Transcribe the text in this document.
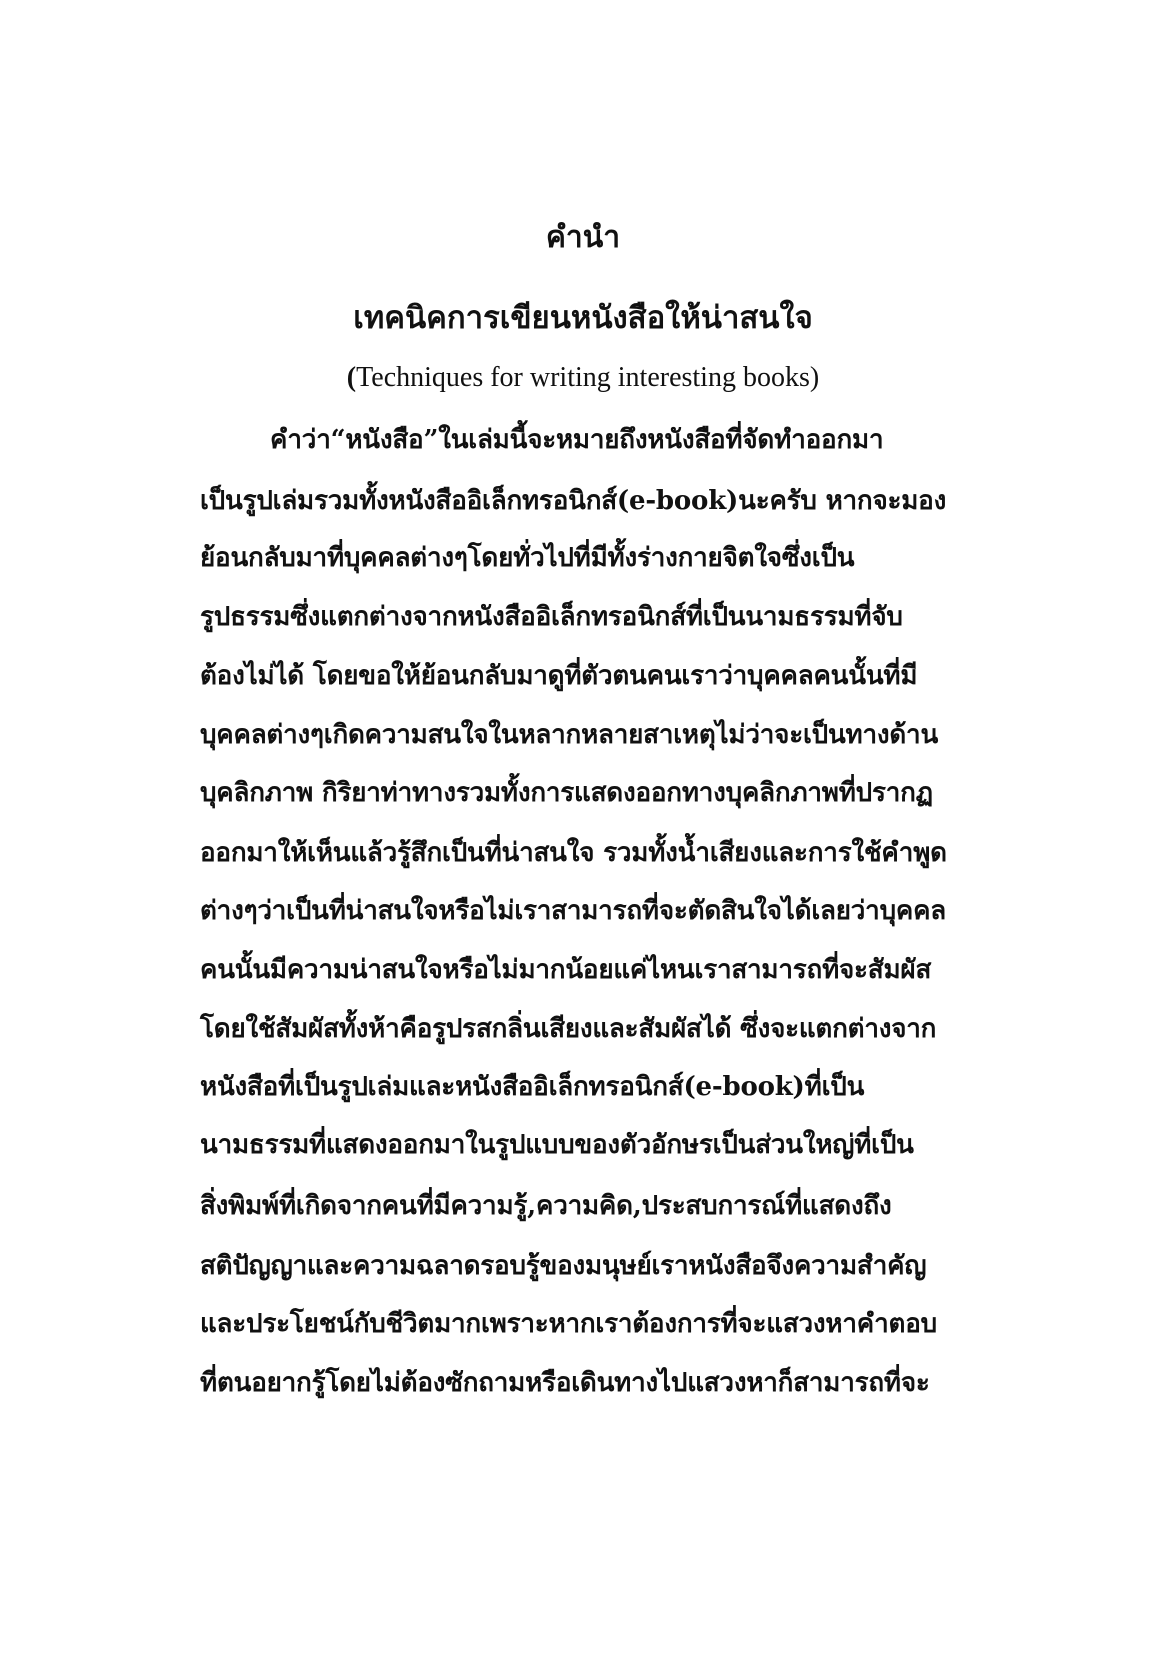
คำนำ
เทคนิคการเขียนหนังสือให้น่าสนใจ
(Techniques for writing interesting books)
คำว่า“หนังสือ”ในเล่มนี้จะหมายถึงหนังสือที่จัดทำออกมา
เป็นรูปเล่มรวมทั้งหนังสืออิเล็กทรอนิกส์(e-book)นะครับ หากจะมอง
ย้อนกลับมาที่บุคคลต่างๆโดยทั่วไปที่มีทั้งร่างกายจิตใจซึ่งเป็น
รูปธรรมซึ่งแตกต่างจากหนังสืออิเล็กทรอนิกส์ที่เป็นนามธรรมที่จับ
ต้องไม่ได้ โดยขอให้ย้อนกลับมาดูที่ตัวตนคนเราว่าบุคคลคนนั้นที่มี
บุคคลต่างๆเกิดความสนใจในหลากหลายสาเหตุไม่ว่าจะเป็นทางด้าน
บุคลิกภาพ กิริยาท่าทางรวมทั้งการแสดงออกทางบุคลิกภาพที่ปรากฏ
ออกมาให้เห็นแล้วรู้สึกเป็นที่น่าสนใจ รวมทั้งน้ำเสียงและการใช้คำพูด
ต่างๆว่าเป็นที่น่าสนใจหรือไม่เราสามารถที่จะตัดสินใจได้เลยว่าบุคคล
คนนั้นมีความน่าสนใจหรือไม่มากน้อยแค่ไหนเราสามารถที่จะสัมผัส
โดยใช้สัมผัสทั้งห้าคือรูปรสกลิ่นเสียงและสัมผัสได้ ซึ่งจะแตกต่างจาก
หนังสือที่เป็นรูปเล่มและหนังสืออิเล็กทรอนิกส์(e-book)ที่เป็น
นามธรรมที่แสดงออกมาในรูปแบบของตัวอักษรเป็นส่วนใหญ่ที่เป็น
สิ่งพิมพ์ที่เกิดจากคนที่มีความรู้,ความคิด,ประสบการณ์ที่แสดงถึง
สติปัญญาและความฉลาดรอบรู้ของมนุษย์เราหนังสือจึงความสำคัญ
และประโยชน์กับชีวิตมากเพราะหากเราต้องการที่จะแสวงหาคำตอบ
ที่ตนอยากรู้โดยไม่ต้องซักถามหรือเดินทางไปแสวงหาก็สามารถที่จะ
